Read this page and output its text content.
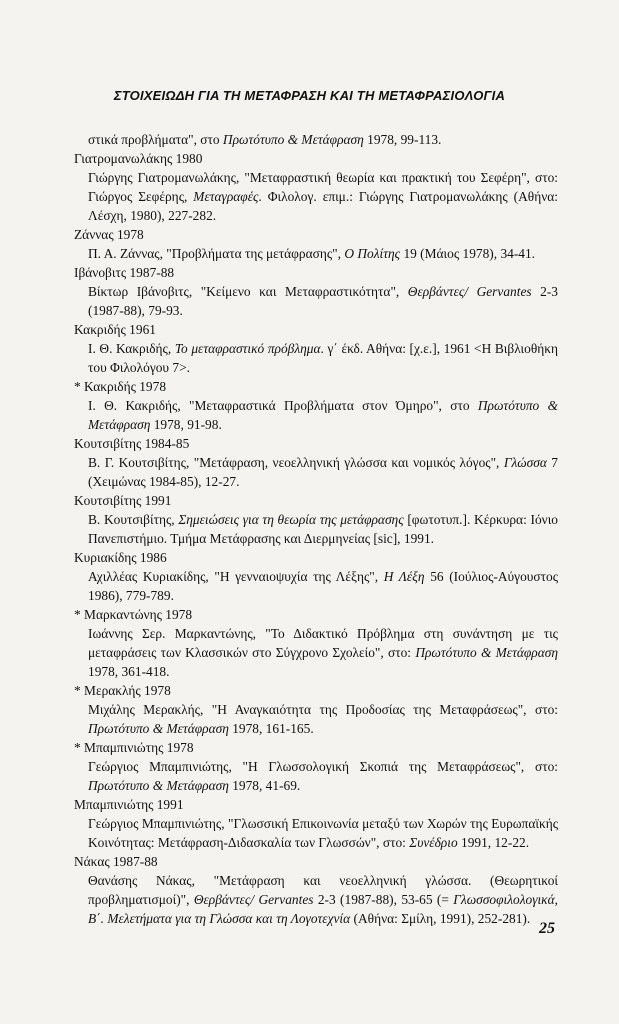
ΣΤΟΙΧΕΙΩΔΗ ΓΙΑ ΤΗ ΜΕΤΑΦΡΑΣΗ ΚΑΙ ΤΗ ΜΕΤΑΦΡΑΣΙΟΛΟΓΙΑ

στικά προβλήματα", στο Πρωτότυπο & Μετάφραση 1978, 99-113.

Γιατρομανωλάκης 1980

Γιώργης Γιατρομανωλάκης, "Μεταφραστική θεωρία και πρακτική του Σεφέρη", στο: Γιώργος Σεφέρης, Μεταγραφές. Φιλολογ. επιμ.: Γιώργης Γιατρομανωλάκης (Αθήνα: Λέσχη, 1980), 227-282.

Ζάννας 1978

Π. Α. Ζάννας, "Προβλήματα της μετάφρασης", Ο Πολίτης 19 (Μάιος 1978), 34-41.

Ιβάνοβιτς 1987-88

Βίκτωρ Ιβάνοβιτς, "Κείμενο και Μεταφραστικότητα", Θερβάντες/ Gervantes 2-3 (1987-88), 79-93.

Κακριδής 1961

Ι. Θ. Κακριδής, Το μεταφραστικό πρόβλημα. γ΄ έκδ. Αθήνα: [χ.ε.], 1961 <Η Βιβλιοθήκη του Φιλολόγου 7>.

* Κακριδής 1978

Ι. Θ. Κακριδής, "Μεταφραστικά Προβλήματα στον Όμηρο", στο Πρωτότυπο & Μετάφραση 1978, 91-98.

Κουτσιβίτης 1984-85

Β. Γ. Κουτσιβίτης, "Μετάφραση, νεοελληνική γλώσσα και νομικός λόγος", Γλώσσα 7 (Χειμώνας 1984-85), 12-27.

Κουτσιβίτης 1991

Β. Κουτσιβίτης, Σημειώσεις για τη θεωρία της μετάφρασης [φωτοτυπ.]. Κέρκυρα: Ιόνιο Πανεπιστήμιο. Τμήμα Μετάφρασης και Διερμηνείας [sic], 1991.

Κυριακίδης 1986

Αχιλλέας Κυριακίδης, "Η γενναιοψυχία της Λέξης", Η Λέξη 56 (Ιούλιος-Αύγουστος 1986), 779-789.

* Μαρκαντώνης 1978

Ιωάννης Σερ. Μαρκαντώνης, "Το Διδακτικό Πρόβλημα στη συνάντηση με τις μεταφράσεις των Κλασσικών στο Σύγχρονο Σχολείο", στο: Πρωτότυπο & Μετάφραση 1978, 361-418.

* Μερακλής 1978

Μιχάλης Μερακλής, "Η Αναγκαιότητα της Προδοσίας της Μεταφράσεως", στο: Πρωτότυπο & Μετάφραση 1978, 161-165.

* Μπαμπινιώτης 1978

Γεώργιος Μπαμπινιώτης, "Η Γλωσσολογική Σκοπιά της Μεταφράσεως", στο: Πρωτότυπο & Μετάφραση 1978, 41-69.

Μπαμπινιώτης 1991

Γεώργιος Μπαμπινιώτης, "Γλωσσική Επικοινωνία μεταξύ των Χωρών της Ευρωπαϊκής Κοινότητας: Μετάφραση-Διδασκαλία των Γλωσσών", στο: Συνέδριο 1991, 12-22.

Νάκας 1987-88

Θανάσης Νάκας, "Μετάφραση και νεοελληνική γλώσσα. (Θεωρητικοί προβληματισμοί)", Θερβάντες/ Gervantes 2-3 (1987-88), 53-65 (= Γλωσσοφιλολογικά, Β΄. Μελετήματα για τη Γλώσσα και τη Λογοτεχνία (Αθήνα: Σμίλη, 1991), 252-281).

25
